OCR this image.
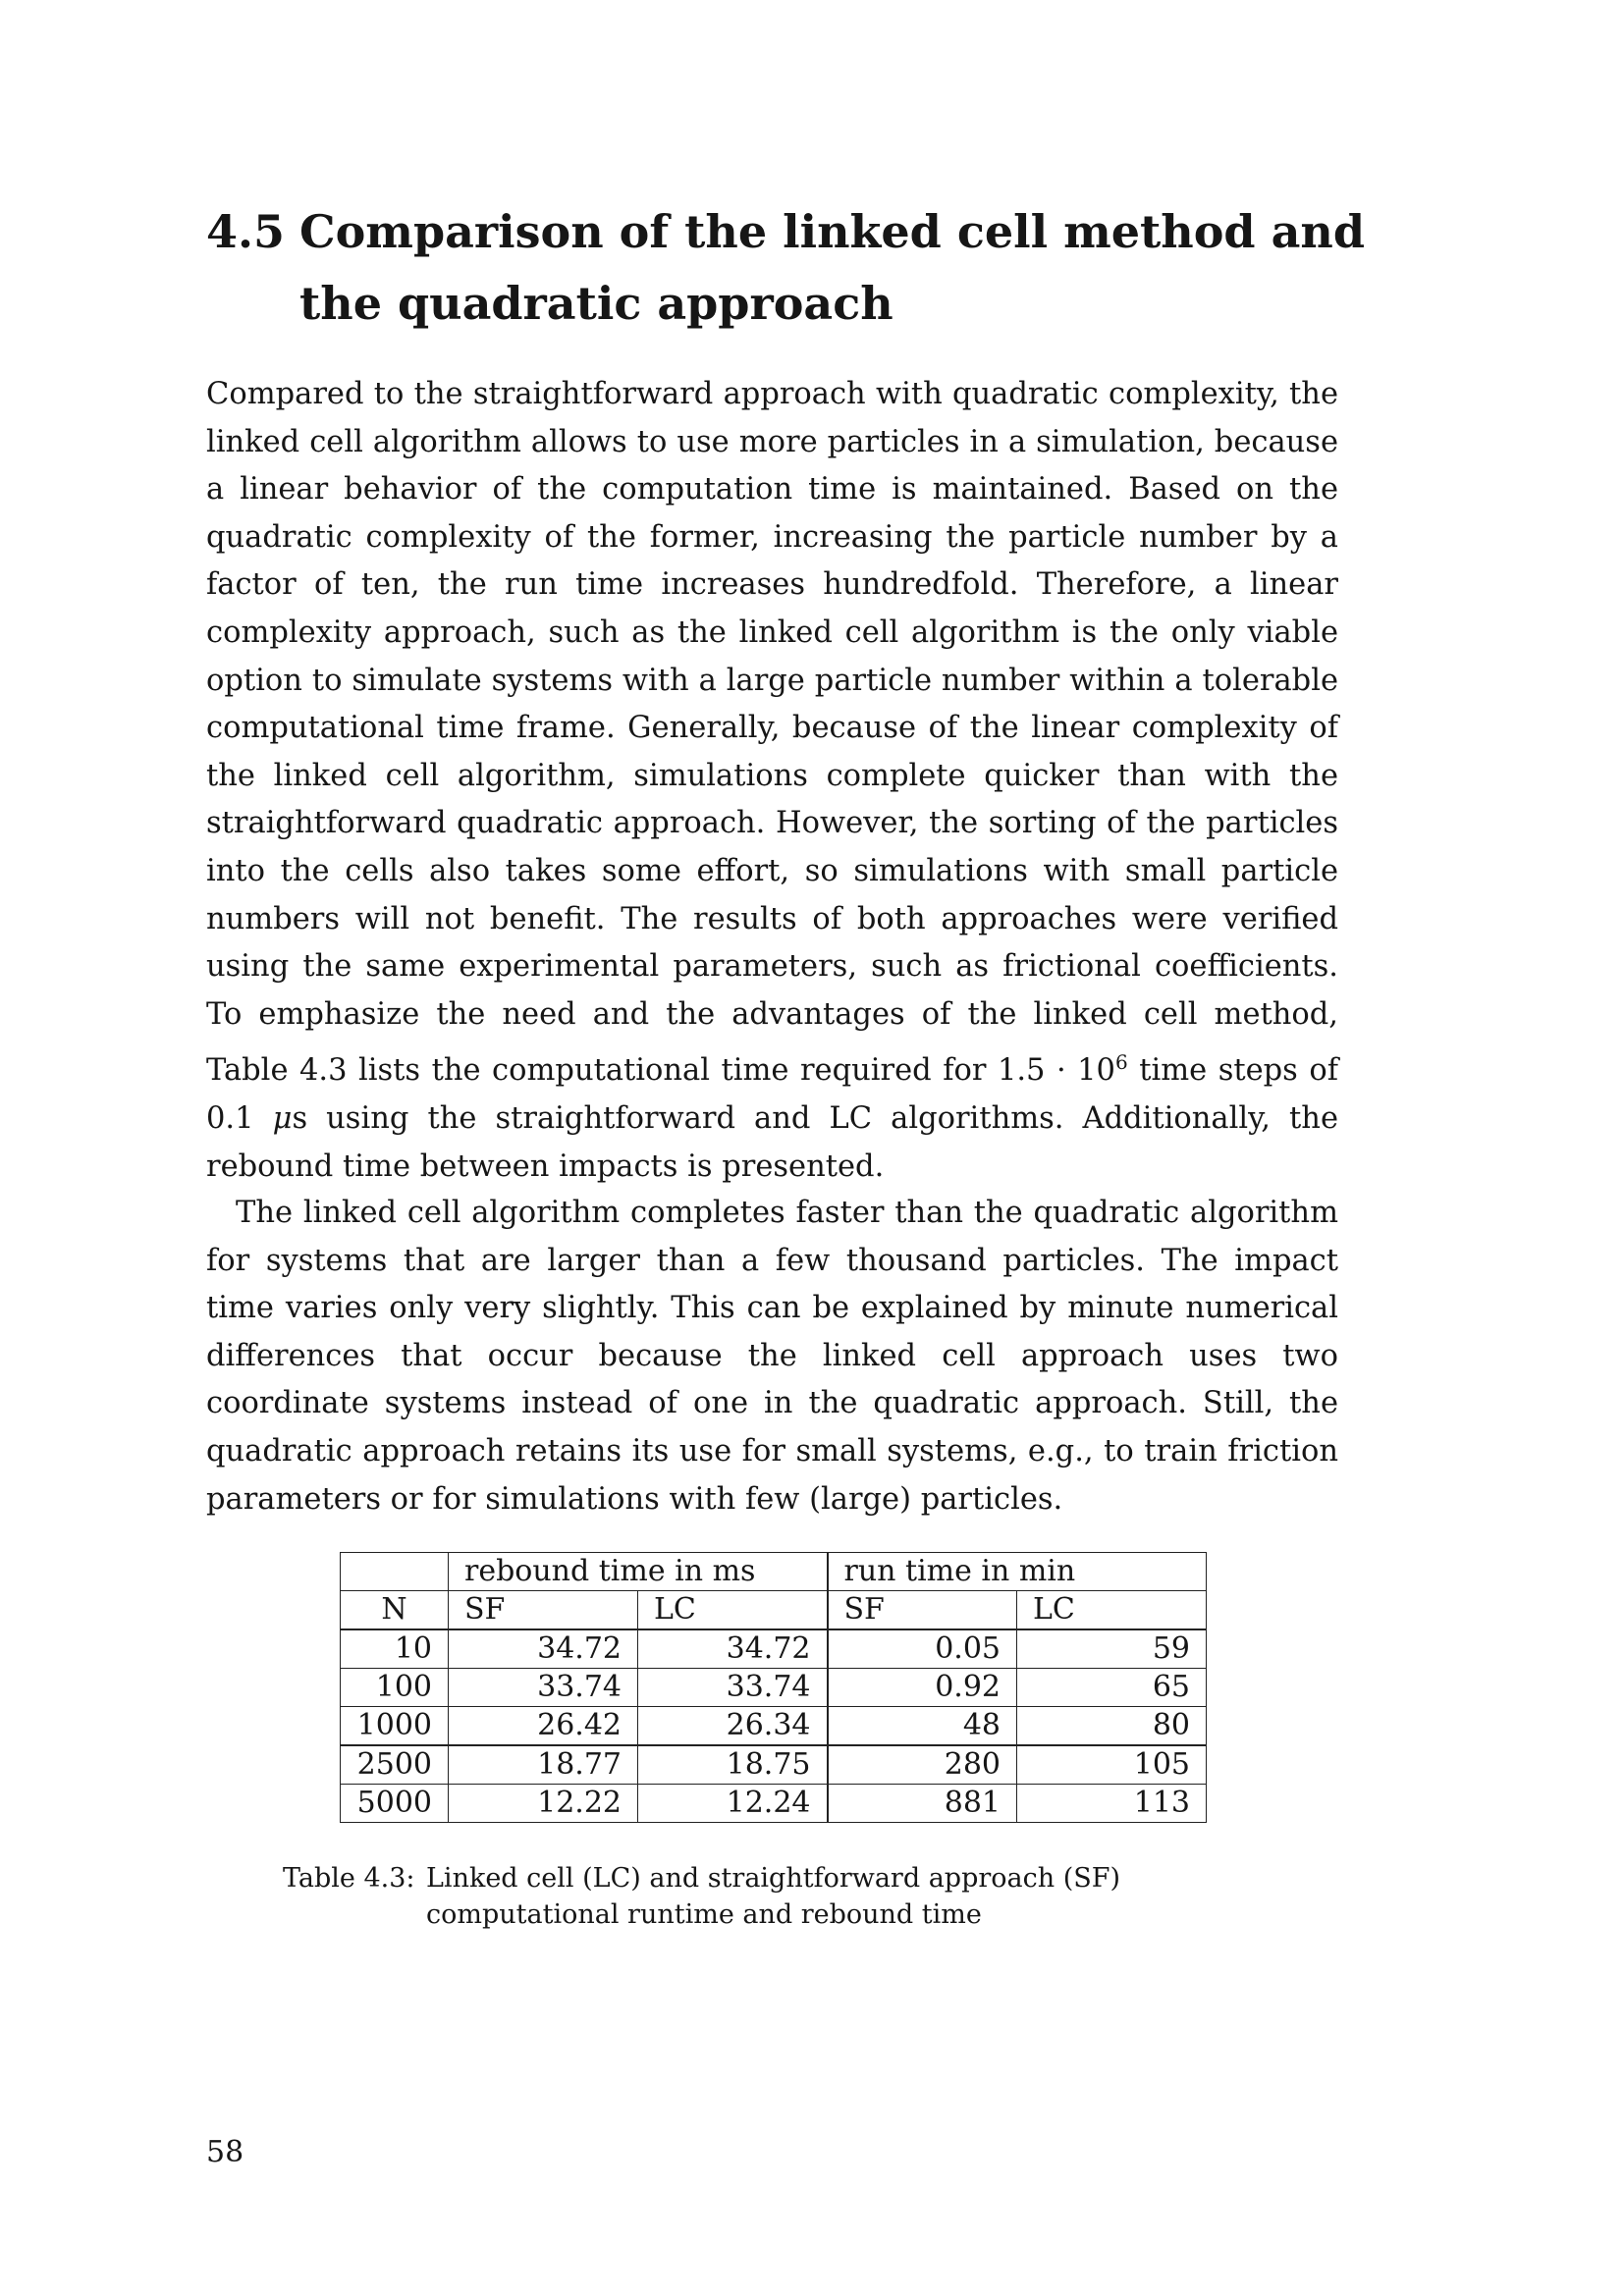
4.5 Comparison of the linked cell method and the quadratic approach

Compared to the straightforward approach with quadratic complexity, the linked cell algorithm allows to use more particles in a simulation, because a linear behavior of the computation time is maintained. Based on the quadratic complexity of the former, increasing the particle number by a factor of ten, the run time increases hundredfold. Therefore, a linear complexity approach, such as the linked cell algorithm is the only viable option to simulate systems with a large particle number within a tolerable computational time frame. Generally, because of the linear complexity of the linked cell algorithm, simulations complete quicker than with the straightforward quadratic approach. However, the sorting of the particles into the cells also takes some effort, so simulations with small particle numbers will not benefit. The results of both approaches were verified using the same experimental parameters, such as frictional coefficients. To emphasize the need and the advantages of the linked cell method, Table 4.3 lists the computational time required for $1.5 \cdot 10^6$ time steps of 0.1 μs using the straightforward and LC algorithms. Additionally, the rebound time between impacts is presented.

The linked cell algorithm completes faster than the quadratic algorithm for systems that are larger than a few thousand particles. The impact time varies only very slightly. This can be explained by minute numerical differences that occur because the linked cell approach uses two coordinate systems instead of one in the quadratic approach. Still, the quadratic approach retains its use for small systems, e.g., to train friction parameters or for simulations with few (large) particles.

	rebound time in ms		run time in min	
N	SF	LC	SF	LC
10	34.72	34.72	0.05	59
100	33.74	33.74	0.92	65
1000	26.42	26.34	48	80
2500	18.77	18.75	280	105
5000	12.22	12.24	881	113
Table 4.3: Linked cell (LC) and straightforward approach (SF) computational runtime and rebound time
58
